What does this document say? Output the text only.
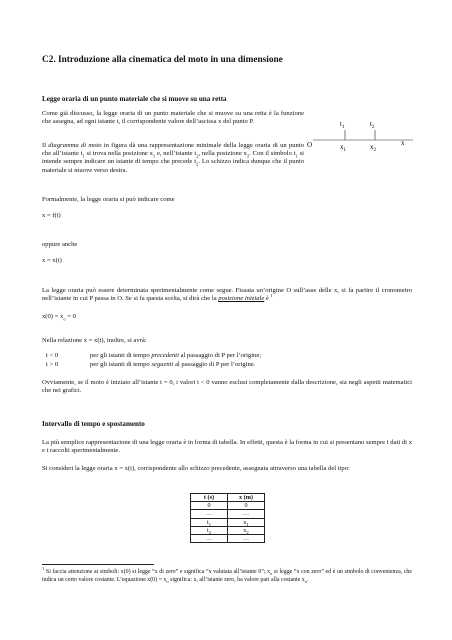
C2. Introduzione alla cinematica del moto in una dimensione
Legge oraria di un punto materiale che si muove su una retta
Come già discusso, la legge oraria di un punto materiale che si muove su una retta è la funzione che assegna, ad ogni istante t, il corrispondente valore dell’ascissa x del punto P.
Il diagramma di moto in figura dà una rappresentazione minimale della legge oraria di un punto che all’istante $t_1$ si trova nella posizione $x_1$ e, nell’istante $t_2$, nella posizione $x_2$. Con il simbolo $t_1$ si intende sempre indicare un istante di tempo che precede $t_2$. Lo schizzo indica dunque che il punto materiale si muove verso destra.
$t_1$	$t_2$
O	$x_1$	$x_2$
x
Formalmente, la legge oraria si può indicare come
x = f(t)
oppure anche
x = x(t)
La legge oraria può essere determinata sperimentalmente come segue. Fissata un’origine O sull’asse delle x, si fa partire il cronometro nell’istante in cui P passa in O. Se si fa questa scelta, si dirà che la posizione iniziale è $^1$
$x(0) = x_o = 0$
Nella relazione x = x(t), inoltre, si avrà:
t < 0	per gli istanti di tempo precedenti al passaggio di P per l’origine;
t > 0	per gli istanti di tempo seguenti al passaggio di P per l’origine.
Ovviamente, se il moto è iniziato all’istante t = 0, i valori t < 0 vanno esclusi completamente dalla descrizione, sia negli aspetti matematici che nei grafici.
Intervallo di tempo e spostamento
La più semplice rappresentazione di una legge oraria è in forma di tabella. In effetti, questa è la forma in cui si presentano sempre i dati di x e t raccolti sperimentalmente.
Si consideri la legge oraria x = x(t), corrispondente allo schizzo precedente, assegnata attraverso una tabella del tipo:
t (s)	x (m)
0	0
…	…
$t_1$	$x_1$
$t_2$	$x_2$
…	…
$^1$ Si faccia attenzione ai simboli: x(0) si legge “x di zero” e significa “x valutata all’istante 0”; $x_o$ si legge “x con zero” ed è un simbolo di convenienza, che indica un certo valore costante. L’equazione $x(0) = x_o$ significa: x, all’istante zero, ha valore pari alla costante $x_o$.
